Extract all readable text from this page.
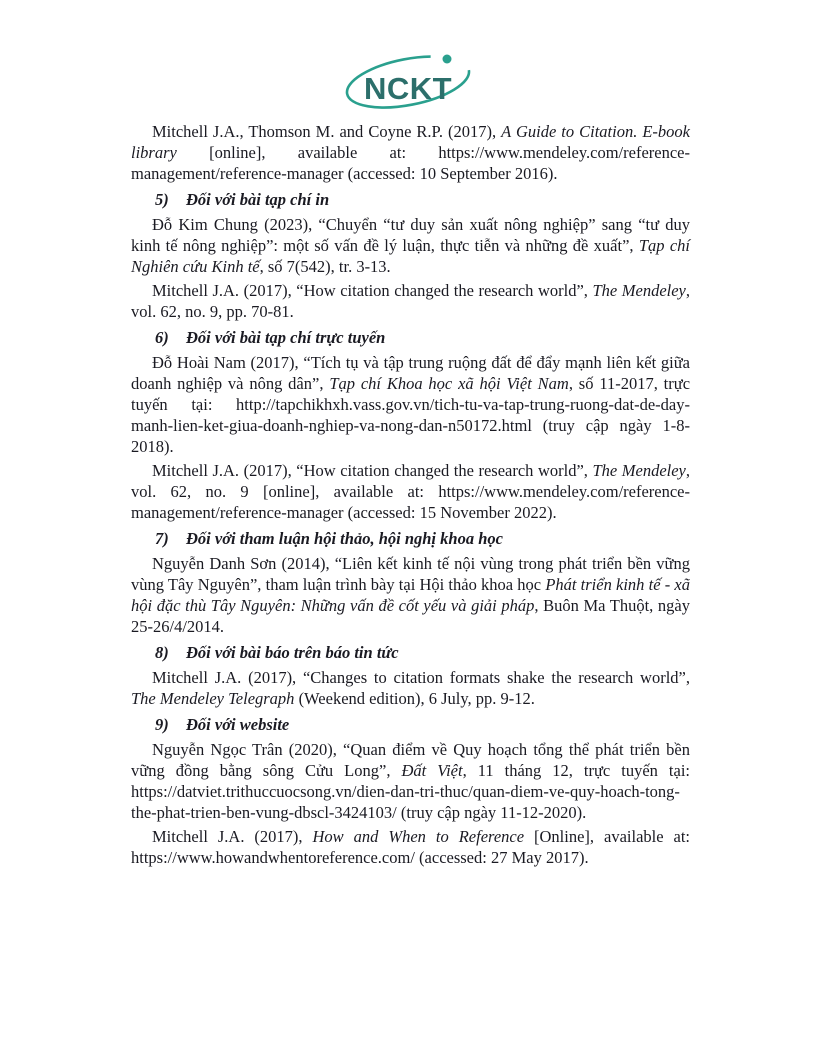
NCKT

Mitchell J.A., Thomson M. and Coyne R.P. (2017), A Guide to Citation. E-book library [online], available at: https://www.mendeley.com/reference-management/reference-manager (accessed: 10 September 2016).

5) Đối với bài tạp chí in

Đỗ Kim Chung (2023), “Chuyển “tư duy sản xuất nông nghiệp” sang “tư duy kinh tế nông nghiệp”: một số vấn đề lý luận, thực tiễn và những đề xuất”, Tạp chí Nghiên cứu Kinh tế, số 7(542), tr. 3-13.

Mitchell J.A. (2017), “How citation changed the research world”, The Mendeley, vol. 62, no. 9, pp. 70-81.

6) Đối với bài tạp chí trực tuyến

Đỗ Hoài Nam (2017), “Tích tụ và tập trung ruộng đất để đẩy mạnh liên kết giữa doanh nghiệp và nông dân”, Tạp chí Khoa học xã hội Việt Nam, số 11-2017, trực tuyến tại: http://tapchikhxh.vass.gov.vn/tich-tu-va-tap-trung-ruong-dat-de-day-manh-lien-ket-giua-doanh-nghiep-va-nong-dan-n50172.html (truy cập ngày 1-8-2018).

Mitchell J.A. (2017), “How citation changed the research world”, The Mendeley, vol. 62, no. 9 [online], available at: https://www.mendeley.com/reference-management/reference-manager (accessed: 15 November 2022).

7) Đối với tham luận hội thảo, hội nghị khoa học

Nguyễn Danh Sơn (2014), “Liên kết kinh tế nội vùng trong phát triển bền vững vùng Tây Nguyên”, tham luận trình bày tại Hội thảo khoa học Phát triển kinh tế - xã hội đặc thù Tây Nguyên: Những vấn đề cốt yếu và giải pháp, Buôn Ma Thuột, ngày 25-26/4/2014.

8) Đối với bài báo trên báo tin tức

Mitchell J.A. (2017), “Changes to citation formats shake the research world”, The Mendeley Telegraph (Weekend edition), 6 July, pp. 9-12.

9) Đối với website

Nguyễn Ngọc Trân (2020), “Quan điểm về Quy hoạch tổng thể phát triển bền vững đồng bằng sông Cửu Long”, Đất Việt, 11 tháng 12, trực tuyến tại: https://datviet.trithuccuocsong.vn/dien-dan-tri-thuc/quan-diem-ve-quy-hoach-tong-the-phat-trien-ben-vung-dbscl-3424103/ (truy cập ngày 11-12-2020).

Mitchell J.A. (2017), How and When to Reference [Online], available at: https://www.howandwhentoreference.com/ (accessed: 27 May 2017).
